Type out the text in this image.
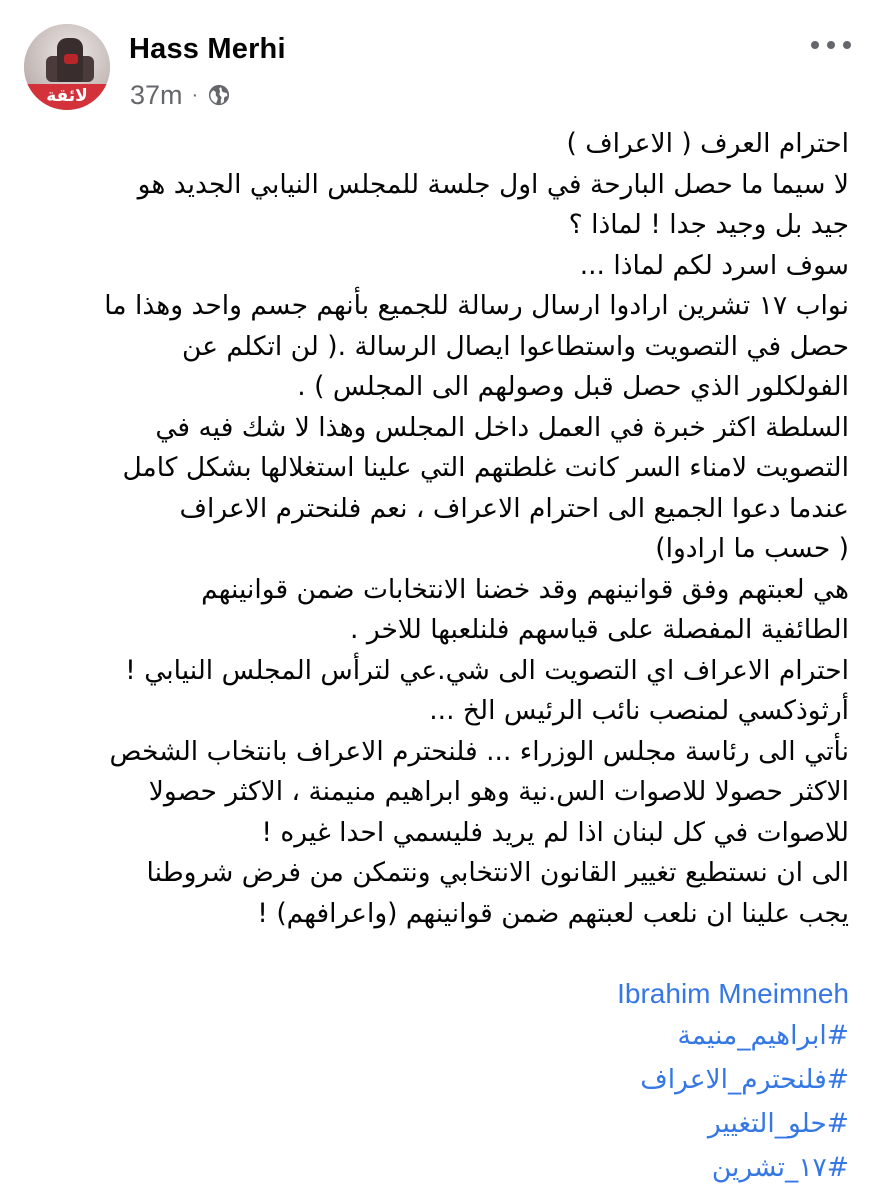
لائقة
Hass Merhi
37m ·
احترام العرف ( الاعراف )
لا سيما ما حصل البارحة في اول جلسة للمجلس النيابي الجديد هو
جيد بل وجيد جدا ! لماذا ؟
سوف اسرد لكم لماذا ...
نواب ١٧ تشرين ارادوا ارسال رسالة للجميع بأنهم جسم واحد وهذا ما
حصل في التصويت واستطاعوا ايصال الرسالة .( لن اتكلم عن
الفولكلور الذي حصل قبل وصولهم الى المجلس ) .
السلطة اكثر خبرة في العمل داخل المجلس وهذا لا شك فيه في
التصويت لامناء السر كانت غلطتهم التي علينا استغلالها بشكل كامل
عندما دعوا الجميع الى احترام الاعراف ، نعم فلنحترم الاعراف
( حسب ما ارادوا)
هي لعبتهم وفق قوانينهم وقد خضنا الانتخابات ضمن قوانينهم
الطائفية المفصلة على قياسهم فلنلعبها للاخر .
احترام الاعراف اي التصويت الى شي.عي لترأس المجلس النيابي !
أرثوذكسي لمنصب نائب الرئيس الخ ...
نأتي الى رئاسة مجلس الوزراء ... فلنحترم الاعراف بانتخاب الشخص
الاكثر حصولا للاصوات الس.نية وهو ابراهيم منيمنة ، الاكثر حصولا
للاصوات في كل لبنان اذا لم يريد فليسمي احدا غيره !
الى ان نستطيع تغيير القانون الانتخابي ونتمكن من فرض شروطنا
يجب علينا ان نلعب لعبتهم ضمن قوانينهم (واعرافهم) !
Ibrahim Mneimneh
#ابراهيم_منيمة
#فلنحترم_الاعراف
#حلو_التغيير
#١٧_تشرين
